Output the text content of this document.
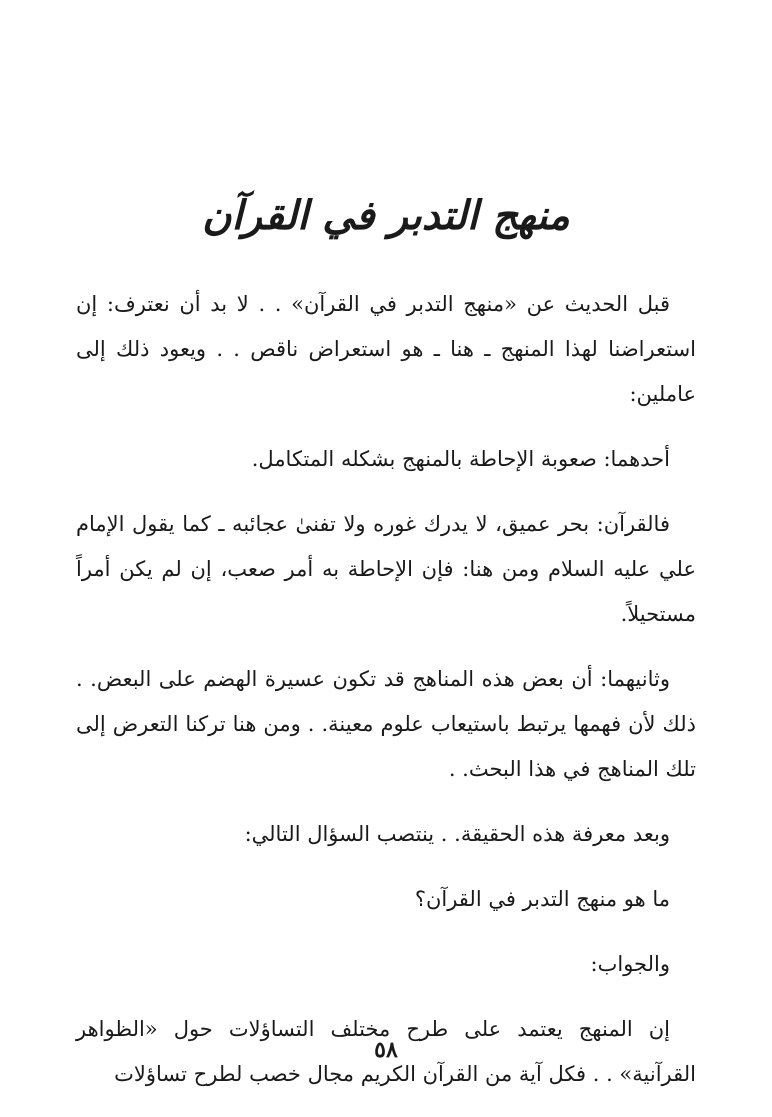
منهج التدبر في القرآن

قبل الحديث عن «منهج التدبر في القرآن» . . لا بد أن نعترف: إن استعراضنا لهذا المنهج ـ هنا ـ هو استعراض ناقص . . ويعود ذلك إلى عاملين:

أحدهما: صعوبة الإحاطة بالمنهج بشكله المتكامل.

فالقرآن: بحر عميق، لا يدرك غوره ولا تفنىٰ عجائبه ـ كما يقول الإمام علي عليه السلام ومن هنا: فإن الإحاطة به أمر صعب، إن لم يكن أمراً مستحيلاً.

وثانيهما: أن بعض هذه المناهج قد تكون عسيرة الهضم على البعض. . ذلك لأن فهمها يرتبط باستيعاب علوم معينة. . ومن هنا تركنا التعرض إلى تلك المناهج في هذا البحث. .

وبعد معرفة هذه الحقيقة. . ينتصب السؤال التالي:

ما هو منهج التدبر في القرآن؟

والجواب:

إن المنهج يعتمد على طرح مختلف التساؤلات حول «الظواهر القرآنية» . . فكل آية من القرآن الكريم مجال خصب لطرح تساؤلات

٥٨
